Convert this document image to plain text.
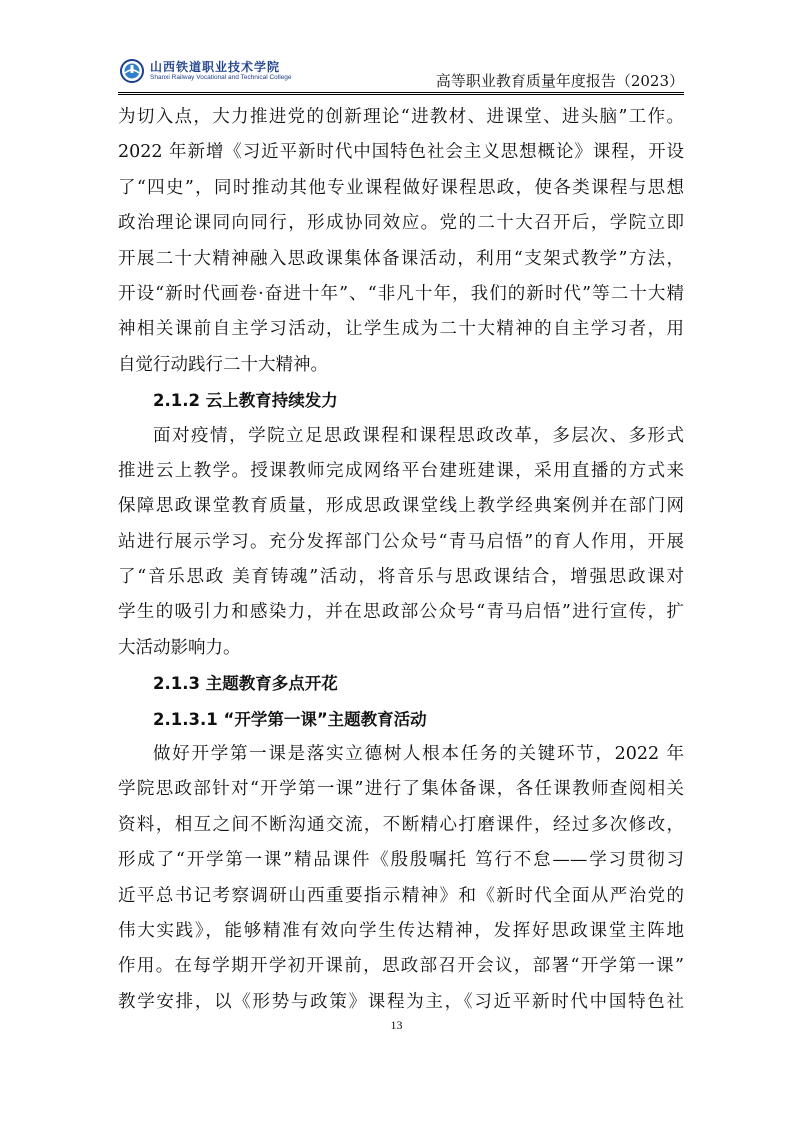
山西铁道职业技术学院
Shanxi Railway Vocational and Technical College	高等职业教育质量年度报告（2023）
为切入点，大力推进党的创新理论“进教材、进课堂、进头脑”工作。
2022 年新增《习近平新时代中国特色社会主义思想概论》课程，开设
了“四史”，同时推动其他专业课程做好课程思政，使各类课程与思想
政治理论课同向同行，形成协同效应。党的二十大召开后，学院立即
开展二十大精神融入思政课集体备课活动，利用“支架式教学”方法，
开设“新时代画卷·奋进十年”、“非凡十年，我们的新时代”等二十大精
神相关课前自主学习活动，让学生成为二十大精神的自主学习者，用
自觉行动践行二十大精神。
2.1.2 云上教育持续发力
面对疫情，学院立足思政课程和课程思政改革，多层次、多形式
推进云上教学。授课教师完成网络平台建班建课，采用直播的方式来
保障思政课堂教育质量，形成思政课堂线上教学经典案例并在部门网
站进行展示学习。充分发挥部门公众号“青马启悟”的育人作用，开展
了“音乐思政 美育铸魂”活动，将音乐与思政课结合，增强思政课对
学生的吸引力和感染力，并在思政部公众号“青马启悟”进行宣传，扩
大活动影响力。
2.1.3 主题教育多点开花
2.1.3.1 “开学第一课”主题教育活动
做好开学第一课是落实立德树人根本任务的关键环节，2022 年
学院思政部针对“开学第一课”进行了集体备课，各任课教师查阅相关
资料，相互之间不断沟通交流，不断精心打磨课件，经过多次修改，
形成了“开学第一课”精品课件《殷殷嘱托 笃行不怠——学习贯彻习
近平总书记考察调研山西重要指示精神》和《新时代全面从严治党的
伟大实践》，能够精准有效向学生传达精神，发挥好思政课堂主阵地
作用。在每学期开学初开课前，思政部召开会议，部署“开学第一课”
教学安排，以《形势与政策》课程为主，《习近平新时代中国特色社
13
